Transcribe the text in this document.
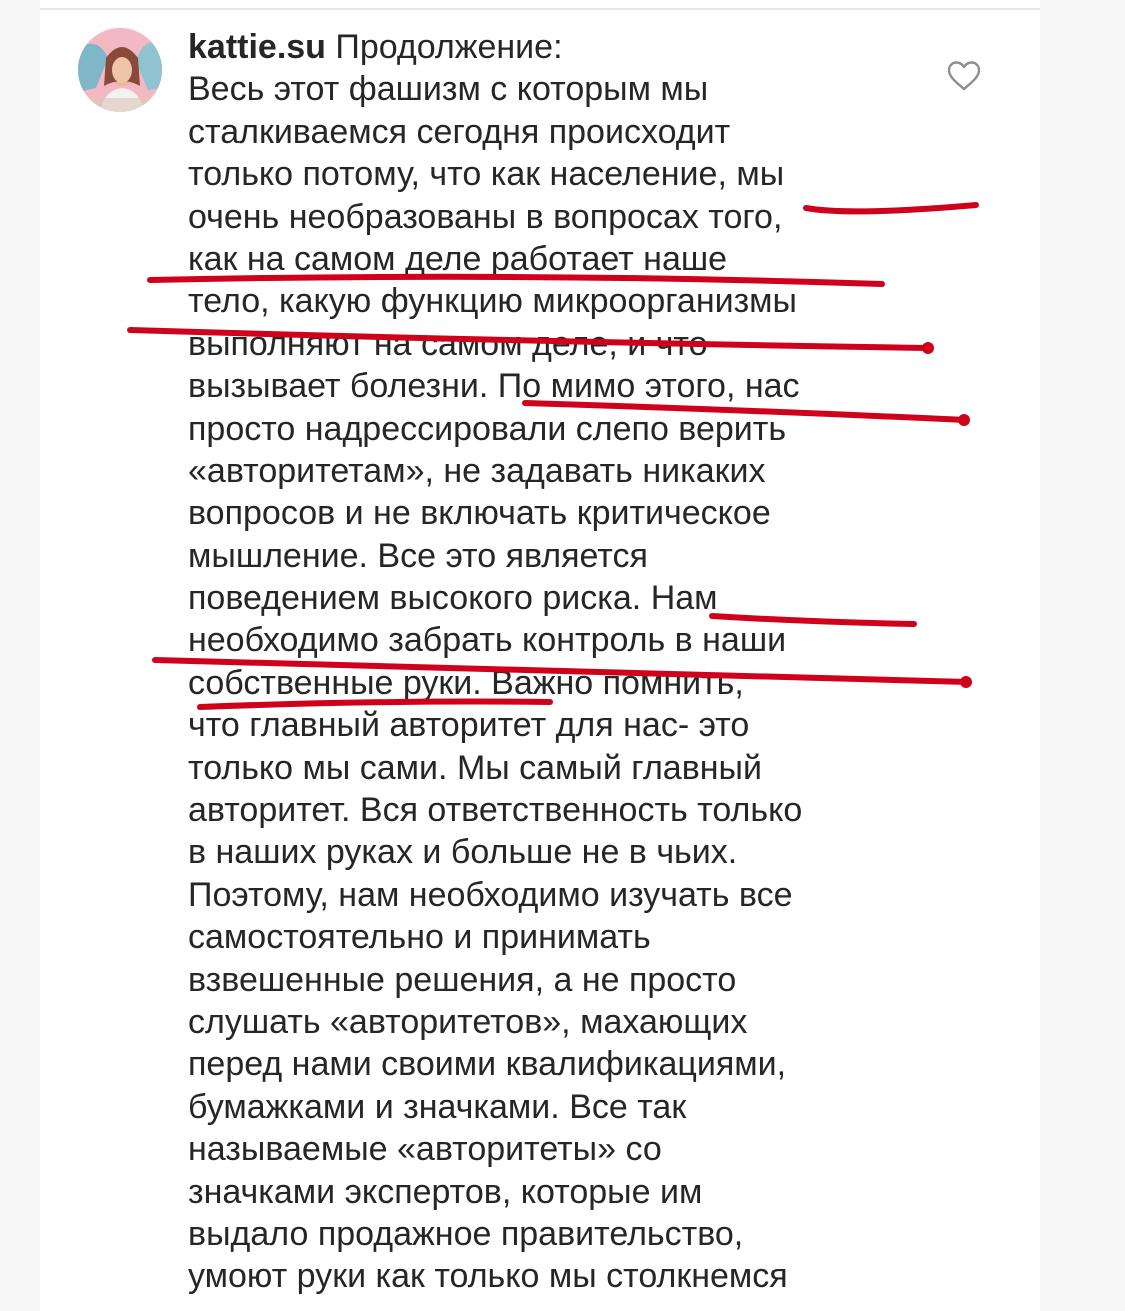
kattie.su Продолжение:
Весь этот фашизм с которым мы
сталкиваемся сегодня происходит
только потому, что как население, мы
очень необразованы в вопросах того,
как на самом деле работает наше
тело, какую функцию микроорганизмы
выполняют на самом деле, и что
вызывает болезни. По мимо этого, нас
просто надрессировали слепо верить
«авторитетам», не задавать никаких
вопросов и не включать критическое
мышление. Все это является
поведением высокого риска. Нам
необходимо забрать контроль в наши
собственные руки. Важно помнить,
что главный авторитет для нас- это
только мы сами. Мы самый главный
авторитет. Вся ответственность только
в наших руках и больше не в чьих.
Поэтому, нам необходимо изучать все
самостоятельно и принимать
взвешенные решения, а не просто
слушать «авторитетов», махающих
перед нами своими квалификациями,
бумажками и значками. Все так
называемые «авторитеты» со
значками экспертов, которые им
выдало продажное правительство,
умоют руки как только мы столкнемся
